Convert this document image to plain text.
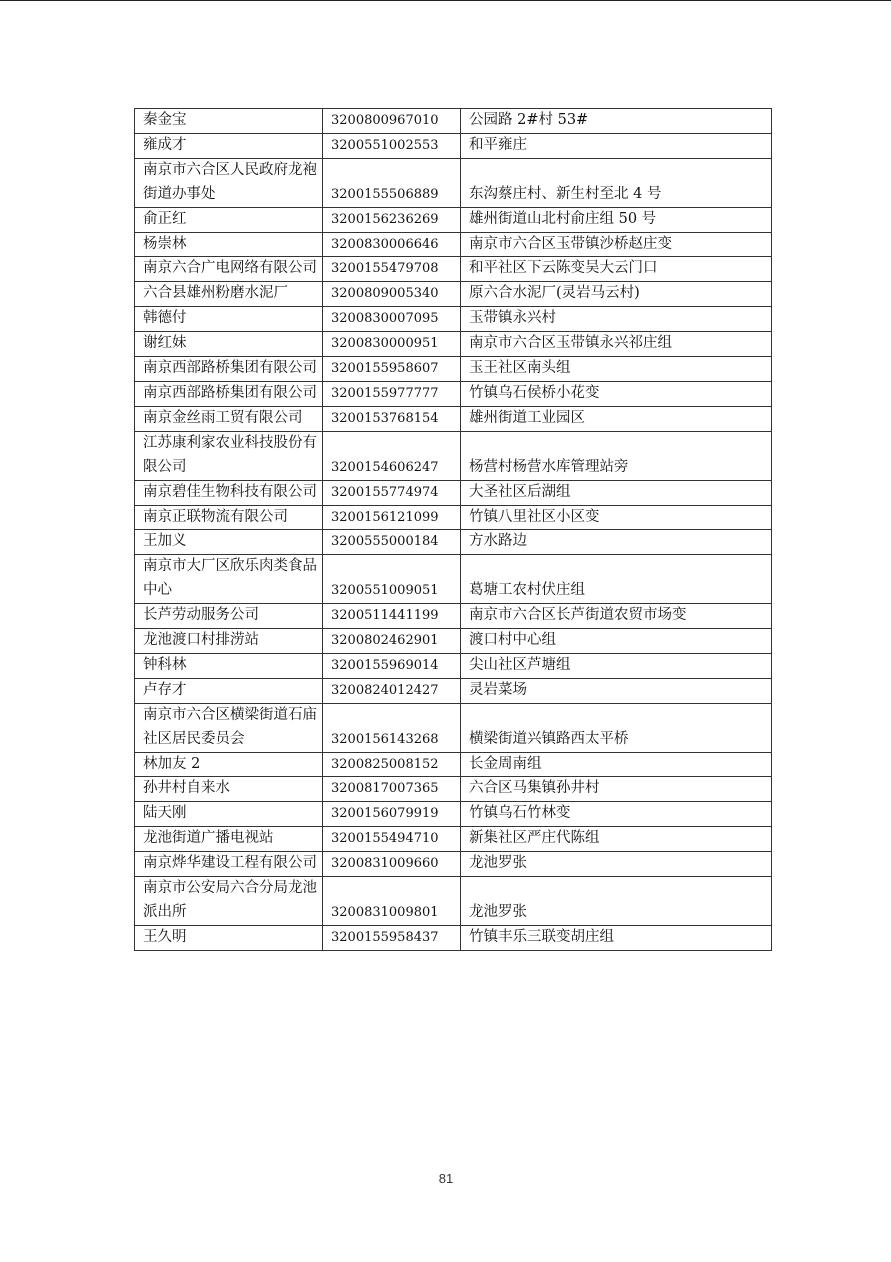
秦金宝	3200800967010	公园路 2#村 53#
雍成才	3200551002553	和平雍庄
南京市六合区人民政府龙袍街道办事处	3200155506889	东沟蔡庄村、新生村至北 4 号
俞正红	3200156236269	雄州街道山北村俞庄组 50 号
杨崇林	3200830006646	南京市六合区玉带镇沙桥赵庄变
南京六合广电网络有限公司	3200155479708	和平社区下云陈变吴大云门口
六合县雄州粉磨水泥厂	3200809005340	原六合水泥厂(灵岩马云村)
韩德付	3200830007095	玉带镇永兴村
谢红妹	3200830000951	南京市六合区玉带镇永兴祁庄组
南京西部路桥集团有限公司	3200155958607	玉王社区南头组
南京西部路桥集团有限公司	3200155977777	竹镇乌石侯桥小花变
南京金丝雨工贸有限公司	3200153768154	雄州街道工业园区
江苏康利家农业科技股份有限公司	3200154606247	杨营村杨营水库管理站旁
南京碧佳生物科技有限公司	3200155774974	大圣社区后湖组
南京正联物流有限公司	3200156121099	竹镇八里社区小区变
王加义	3200555000184	方水路边
南京市大厂区欣乐肉类食品中心	3200551009051	葛塘工农村伏庄组
长芦劳动服务公司	3200511441199	南京市六合区长芦街道农贸市场变
龙池渡口村排涝站	3200802462901	渡口村中心组
钟科林	3200155969014	尖山社区芦塘组
卢存才	3200824012427	灵岩菜场
南京市六合区横梁街道石庙社区居民委员会	3200156143268	横梁街道兴镇路西太平桥
林加友 2	3200825008152	长金周南组
孙井村自来水	3200817007365	六合区马集镇孙井村
陆天刚	3200156079919	竹镇乌石竹林变
龙池街道广播电视站	3200155494710	新集社区严庄代陈组
南京烨华建设工程有限公司	3200831009660	龙池罗张
南京市公安局六合分局龙池派出所	3200831009801	龙池罗张
王久明	3200155958437	竹镇丰乐三联变胡庄组
81
